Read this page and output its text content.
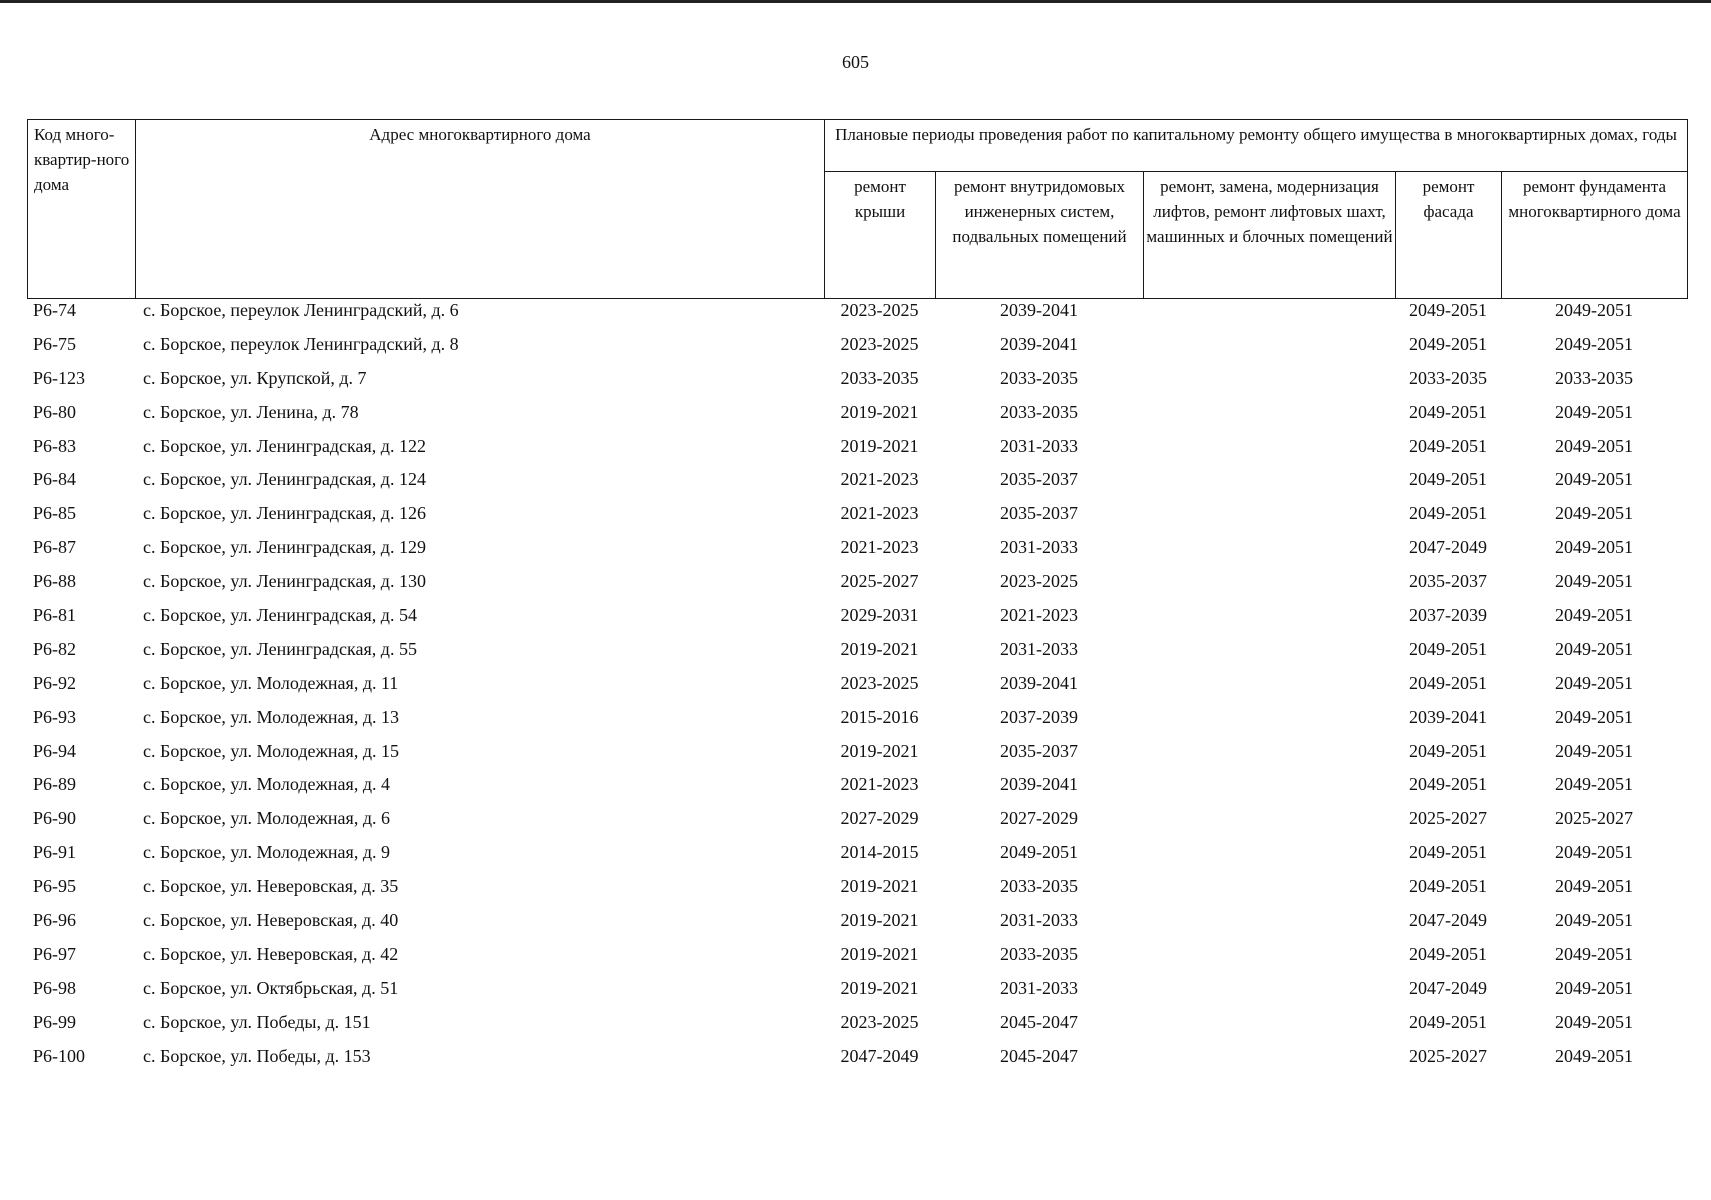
605
Код много-квартир-ного дома	Адрес многоквартирного дома	Плановые периоды проведения работ по капитальному ремонту общего имущества в многоквартирных домах, годы				
		ремонт крыши	ремонт внутридомовых инженерных систем, подвальных помещений	ремонт, замена, модернизация лифтов, ремонт лифтовых шахт, машинных и блочных помещений	ремонт фасада	ремонт фундамента многоквартирного дома
Р6-74	с. Борское, переулок Ленинградский, д. 6	2023-2025	2039-2041		2049-2051	2049-2051
Р6-75	с. Борское, переулок Ленинградский, д. 8	2023-2025	2039-2041		2049-2051	2049-2051
Р6-123	с. Борское, ул. Крупской, д. 7	2033-2035	2033-2035		2033-2035	2033-2035
Р6-80	с. Борское, ул. Ленина, д. 78	2019-2021	2033-2035		2049-2051	2049-2051
Р6-83	с. Борское, ул. Ленинградская, д. 122	2019-2021	2031-2033		2049-2051	2049-2051
Р6-84	с. Борское, ул. Ленинградская, д. 124	2021-2023	2035-2037		2049-2051	2049-2051
Р6-85	с. Борское, ул. Ленинградская, д. 126	2021-2023	2035-2037		2049-2051	2049-2051
Р6-87	с. Борское, ул. Ленинградская, д. 129	2021-2023	2031-2033		2047-2049	2049-2051
Р6-88	с. Борское, ул. Ленинградская, д. 130	2025-2027	2023-2025		2035-2037	2049-2051
Р6-81	с. Борское, ул. Ленинградская, д. 54	2029-2031	2021-2023		2037-2039	2049-2051
Р6-82	с. Борское, ул. Ленинградская, д. 55	2019-2021	2031-2033		2049-2051	2049-2051
Р6-92	с. Борское, ул. Молодежная, д. 11	2023-2025	2039-2041		2049-2051	2049-2051
Р6-93	с. Борское, ул. Молодежная, д. 13	2015-2016	2037-2039		2039-2041	2049-2051
Р6-94	с. Борское, ул. Молодежная, д. 15	2019-2021	2035-2037		2049-2051	2049-2051
Р6-89	с. Борское, ул. Молодежная, д. 4	2021-2023	2039-2041		2049-2051	2049-2051
Р6-90	с. Борское, ул. Молодежная, д. 6	2027-2029	2027-2029		2025-2027	2025-2027
Р6-91	с. Борское, ул. Молодежная, д. 9	2014-2015	2049-2051		2049-2051	2049-2051
Р6-95	с. Борское, ул. Неверовская, д. 35	2019-2021	2033-2035		2049-2051	2049-2051
Р6-96	с. Борское, ул. Неверовская, д. 40	2019-2021	2031-2033		2047-2049	2049-2051
Р6-97	с. Борское, ул. Неверовская, д. 42	2019-2021	2033-2035		2049-2051	2049-2051
Р6-98	с. Борское, ул. Октябрьская, д. 51	2019-2021	2031-2033		2047-2049	2049-2051
Р6-99	с. Борское, ул. Победы, д. 151	2023-2025	2045-2047		2049-2051	2049-2051
Р6-100	с. Борское, ул. Победы, д. 153	2047-2049	2045-2047		2025-2027	2049-2051
